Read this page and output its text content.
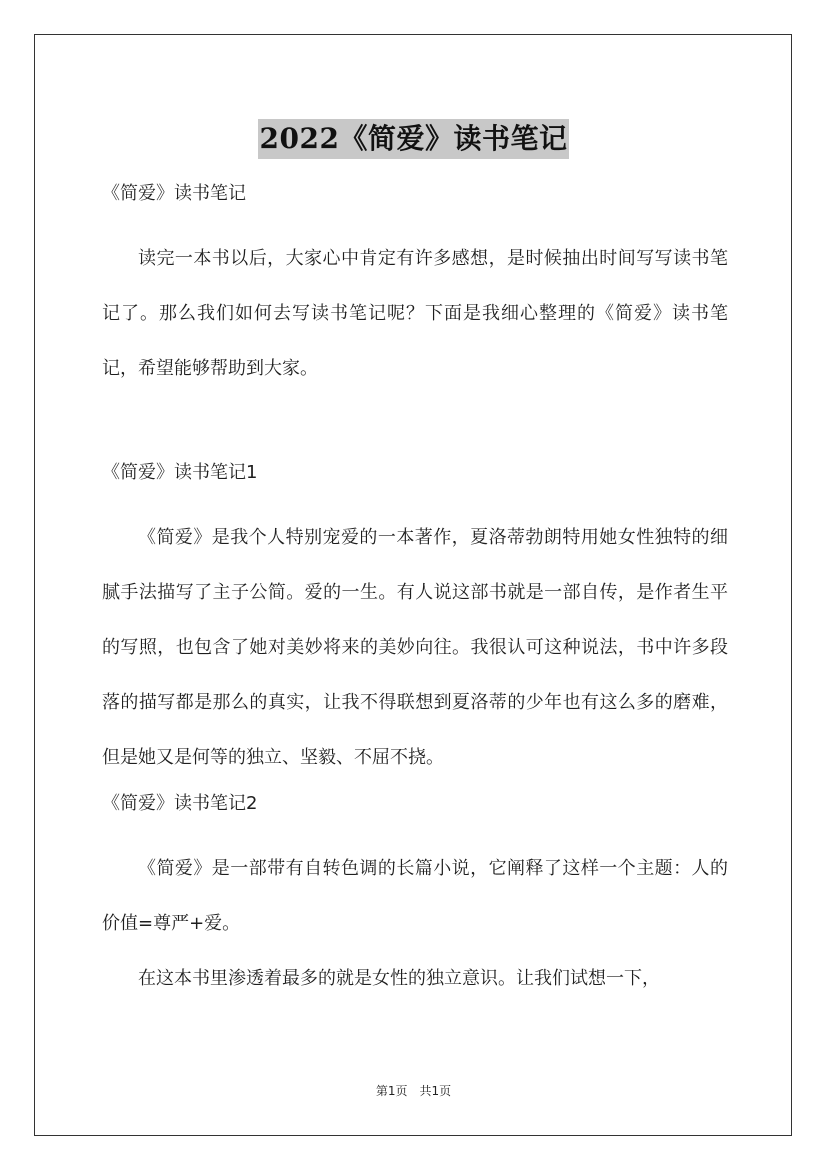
2022《简爱》读书笔记

《简爱》读书笔记

读完一本书以后，大家心中肯定有许多感想，是时候抽出时间写写读书笔记了。那么我们如何去写读书笔记呢？下面是我细心整理的《简爱》读书笔记，希望能够帮助到大家。

《简爱》读书笔记1

《简爱》是我个人特别宠爱的一本著作，夏洛蒂勃朗特用她女性独特的细腻手法描写了主子公简。爱的一生。有人说这部书就是一部自传，是作者生平的写照，也包含了她对美妙将来的美妙向往。我很认可这种说法，书中许多段落的描写都是那么的真实，让我不得联想到夏洛蒂的少年也有这么多的磨难，但是她又是何等的独立、坚毅、不屈不挠。

《简爱》读书笔记2

《简爱》是一部带有自转色调的长篇小说，它阐释了这样一个主题：人的价值=尊严+爱。

在这本书里渗透着最多的就是女性的独立意识。让我们试想一下，

第1页　共1页
